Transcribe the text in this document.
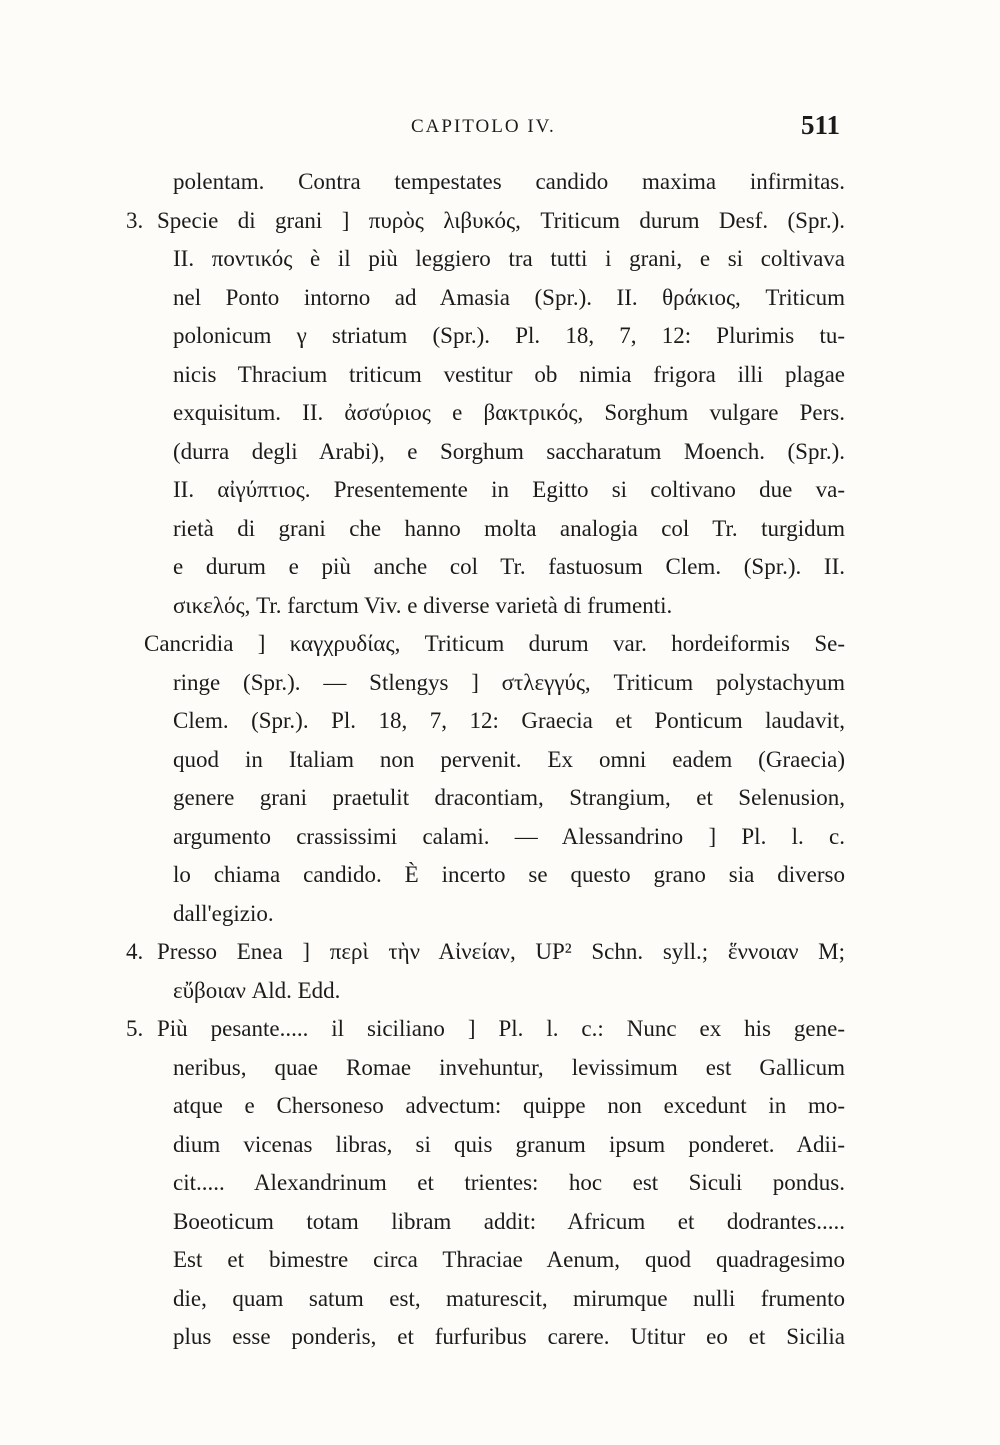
CAPITOLO IV.	511
polentam. Contra tempestates candido maxima infirmitas.
3. Specie di grani ] πυρὸς λιβυκός, Triticum durum Desf. (Spr.).
II. ποντικός è il più leggiero tra tutti i grani, e si coltivava
nel Ponto intorno ad Amasia (Spr.). II. θράκιος, Triticum
polonicum γ striatum (Spr.). Pl. 18, 7, 12: Plurimis tu-
nicis Thracium triticum vestitur ob nimia frigora illi plagae
exquisitum. II. ἀσσύριος e βακτρικός, Sorghum vulgare Pers.
(durra degli Arabi), e Sorghum saccharatum Moench. (Spr.).
II. αἰγύπτιος. Presentemente in Egitto si coltivano due va-
rietà di grani che hanno molta analogia col Tr. turgidum
e durum e più anche col Tr. fastuosum Clem. (Spr.). II.
σικελός, Tr. farctum Viv. e diverse varietà di frumenti.
Cancridia ] καγχρυδίας, Triticum durum var. hordeiformis Se-
ringe (Spr.). — Stlengys ] στλεγγύς, Triticum polystachyum
Clem. (Spr.). Pl. 18, 7, 12: Graecia et Ponticum laudavit,
quod in Italiam non pervenit. Ex omni eadem (Graecia)
genere grani praetulit dracontiam, Strangium, et Selenusion,
argumento crassissimi calami. — Alessandrino ] Pl. l. c.
lo chiama candido. È incerto se questo grano sia diverso
dall'egizio.
4. Presso Enea ] περὶ τὴν Αἰνείαν, UP² Schn. syll.; ἕννοιαν M;
εὔβοιαν Ald. Edd.
5. Più pesante..... il siciliano ] Pl. l. c.: Nunc ex his gene-
neribus, quae Romae invehuntur, levissimum est Gallicum
atque e Chersoneso advectum: quippe non excedunt in mo-
dium vicenas libras, si quis granum ipsum ponderet. Adii-
cit..... Alexandrinum et trientes: hoc est Siculi pondus.
Boeoticum totam libram addit: Africum et dodrantes.....
Est et bimestre circa Thraciae Aenum, quod quadragesimo
die, quam satum est, maturescit, mirumque nulli frumento
plus esse ponderis, et furfuribus carere. Utitur eo et Sicilia
